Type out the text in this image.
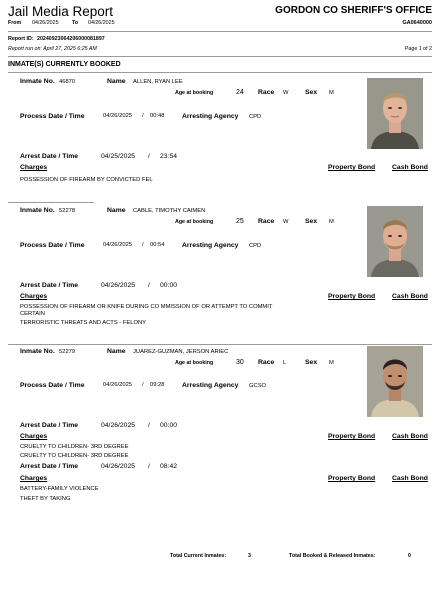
Jail Media Report	GORDON CO SHERIFF'S OFFICE
GA0640000
From 04/26/2025	To 04/26/2025
Report ID: 20240923064206000081897
Report run on: April 27, 2025 6:25 AM	Page 1 of 2
INMATE(S) CURRENTLY BOOKED
Inmate No. 46870	Name ALLEN, RYAN LEE
Age at booking	24 Race W Sex M
Process Date / Time	04/26/2025 / 00:48	Arresting Agency CPD
Arrest Date / Time	04/25/2025 / 23:54
Charges	Property Bond Cash Bond
POSSESSION OF FIREARM BY CONVICTED FEL
Inmate No. 52278	Name CABLE, TIMOTHY CAIMEN
Age at booking	25 Race W Sex M
Process Date / Time	04/26/2025 / 00:54	Arresting Agency CPD
Arrest Date / Time	04/26/2025 / 00:00
Charges	Property Bond Cash Bond
POSSESSION OF FIREARM OR KNIFE DURING CO MMISSION OF OR ATTEMPT TO COMMIT
CERTAIN
TERRORISTIC THREATS AND ACTS - FELONY
Inmate No. 52279	Name JUAREZ-GUZMAN, JERSON ARIEC
Age at booking	30 Race L	Sex M
Process Date / Time	04/26/2025 / 09:28	Arresting Agency GCSO
Arrest Date / Time	04/26/2025 / 00:00
Charges	Property Bond Cash Bond
CRUELTY TO CHILDREN- 3RD DEGREE
CRUELTY TO CHILDREN- 3RD DEGREE
Arrest Date / Time	04/26/2025 / 08:42
Charges	Property Bond Cash Bond
BATTERY-FAMILY VIOLENCE
THEFT BY TAKING
Total Current Inmates:	3	Total Booked & Released Inmates:	0
